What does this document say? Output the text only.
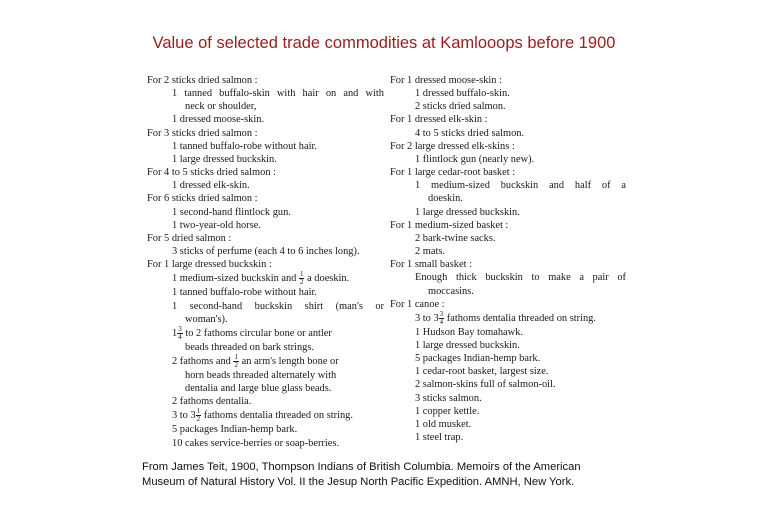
Value of selected trade commodities at Kamlooops before 1900
For 2 sticks dried salmon :
1 tanned buffalo-skin with hair on and with
neck or shoulder,
1 dressed moose-skin.
For 3 sticks dried salmon :
1 tanned buffalo-robe without hair.
1 large dressed buckskin.
For 4 to 5 sticks dried salmon :
1 dressed elk-skin.
For 6 sticks dried salmon :
1 second-hand flintlock gun.
1 two-year-old horse.
For 5 dried salmon :
3 sticks of perfume (each 4 to 6 inches long).
For 1 large dressed buckskin :
1 medium-sized buckskin and $\frac{1}{2}$ a doeskin.
1 tanned buffalo-robe without hair.
1 second-hand buckskin shirt (man's or
woman's).
$1 \frac{3}{4}$ to 2 fathoms circular bone or antler
beads threaded on bark strings.
2 fathoms and $\frac{1}{2}$ an arm's length bone or
horn beads threaded alternately with
dentalia and large blue glass beads.
2 fathoms dentalia.
3 to $3 \frac{1}{2}$ fathoms dentalia threaded on string.
5 packages Indian-hemp bark.
10 cakes service-berries or soap-berries.
For 1 dressed moose-skin :
1 dressed buffalo-skin.
2 sticks dried salmon.
For 1 dressed elk-skin :
4 to 5 sticks dried salmon.
For 2 large dressed elk-skins :
1 flintlock gun (nearly new).
For 1 large cedar-root basket :
1 medium-sized buckskin and half of a
doeskin.
1 large dressed buckskin.
For 1 medium-sized basket :
2 bark-twine sacks.
2 mats.
For 1 small basket :
Enough thick buckskin to make a pair of
moccasins.
For 1 canoe :
3 to $3 \frac{3}{4}$ fathoms dentalia threaded on string.
1 Hudson Bay tomahawk.
1 large dressed buckskin.
5 packages Indian-hemp bark.
1 cedar-root basket, largest size.
2 salmon-skins full of salmon-oil.
3 sticks salmon.
1 copper kettle.
1 old musket.
1 steel trap.
From James Teit, 1900, Thompson Indians of British Columbia. Memoirs of the American
Museum of Natural History Vol. II the Jesup North Pacific Expedition. AMNH, New York.
